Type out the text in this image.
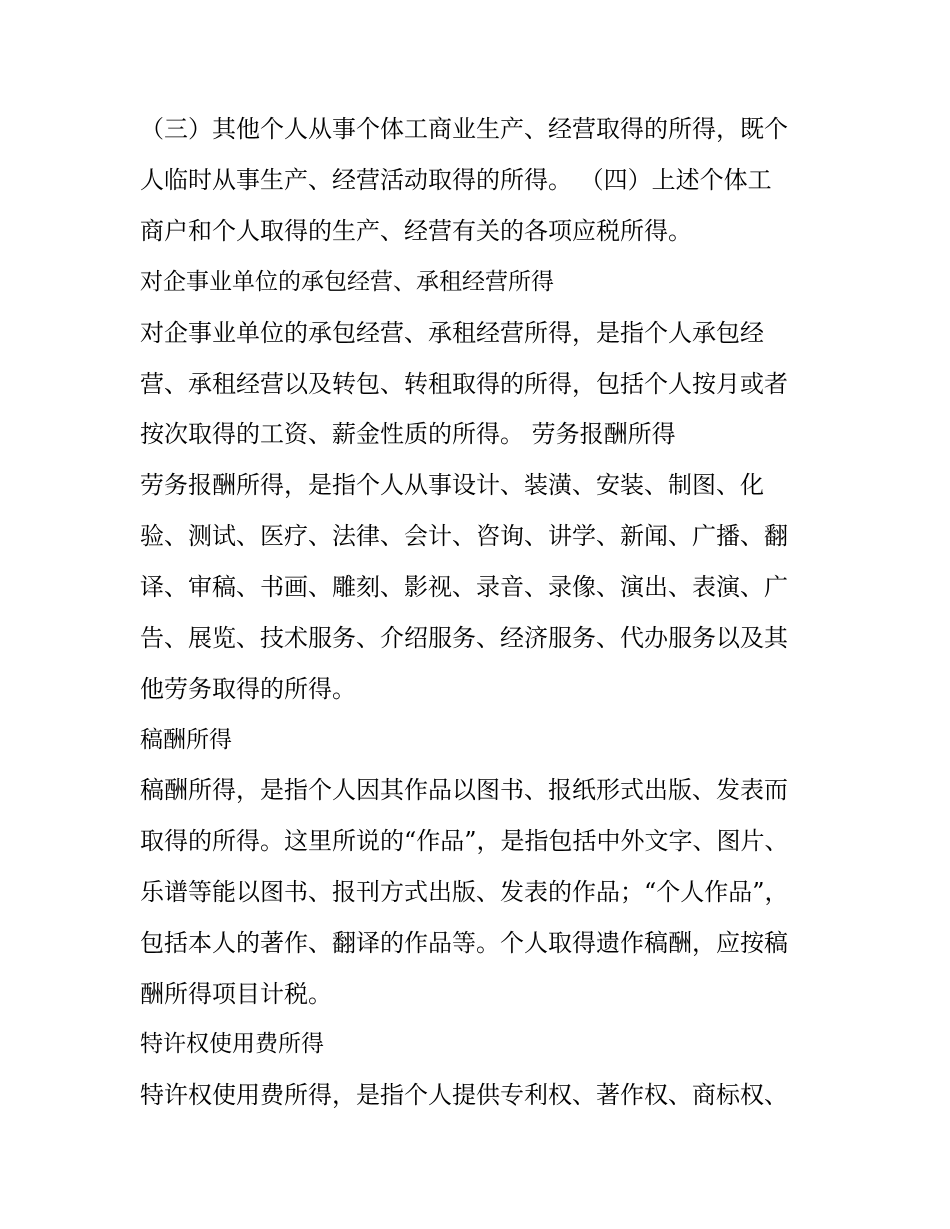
（三）其他个人从事个体工商业生产、经营取得的所得，既个

人临时从事生产、经营活动取得的所得。 （四）上述个体工

商户和个人取得的生产、经营有关的各项应税所得。

对企事业单位的承包经营、承租经营所得

对企事业单位的承包经营、承租经营所得，是指个人承包经

营、承租经营以及转包、转租取得的所得，包括个人按月或者

按次取得的工资、薪金性质的所得。 劳务报酬所得

劳务报酬所得，是指个人从事设计、装潢、安装、制图、化

验、测试、医疗、法律、会计、咨询、讲学、新闻、广播、翻

译、审稿、书画、雕刻、影视、录音、录像、演出、表演、广

告、展览、技术服务、介绍服务、经济服务、代办服务以及其

他劳务取得的所得。

稿酬所得

稿酬所得，是指个人因其作品以图书、报纸形式出版、发表而

取得的所得。这里所说的“作品”，是指包括中外文字、图片、

乐谱等能以图书、报刊方式出版、发表的作品；“个人作品”，

包括本人的著作、翻译的作品等。个人取得遗作稿酬，应按稿

酬所得项目计税。

特许权使用费所得

特许权使用费所得，是指个人提供专利权、著作权、商标权、
